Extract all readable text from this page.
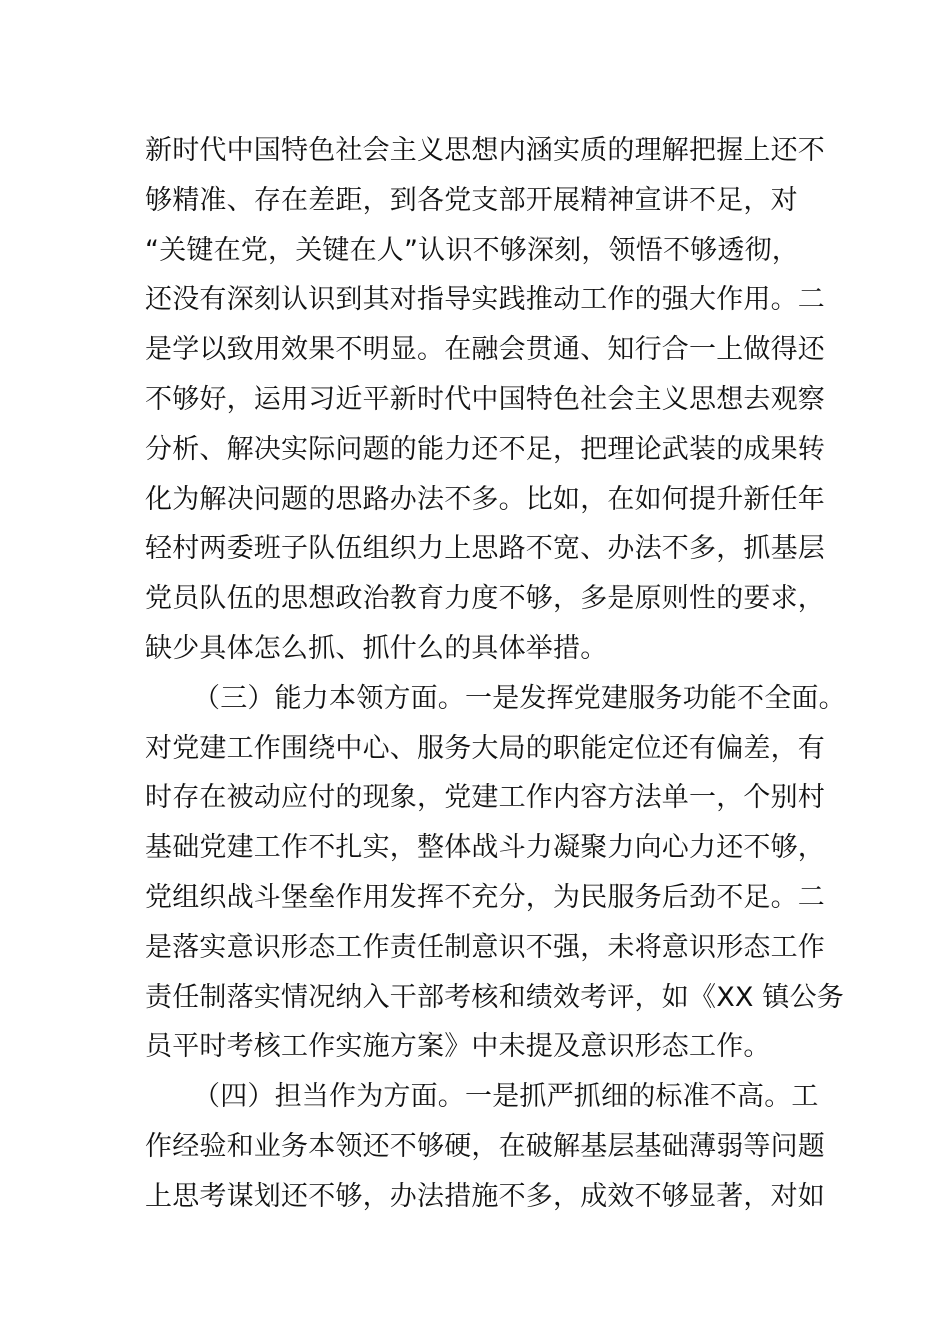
新时代中国特色社会主义思想内涵实质的理解把握上还不
够精准、存在差距，到各党支部开展精神宣讲不足，对
“关键在党，关键在人”认识不够深刻，领悟不够透彻，
还没有深刻认识到其对指导实践推动工作的强大作用。二
是学以致用效果不明显。在融会贯通、知行合一上做得还
不够好，运用习近平新时代中国特色社会主义思想去观察
分析、解决实际问题的能力还不足，把理论武装的成果转
化为解决问题的思路办法不多。比如，在如何提升新任年
轻村两委班子队伍组织力上思路不宽、办法不多，抓基层
党员队伍的思想政治教育力度不够，多是原则性的要求，
缺少具体怎么抓、抓什么的具体举措。
（三）能力本领方面。一是发挥党建服务功能不全面。
对党建工作围绕中心、服务大局的职能定位还有偏差，有
时存在被动应付的现象，党建工作内容方法单一，个别村
基础党建工作不扎实，整体战斗力凝聚力向心力还不够，
党组织战斗堡垒作用发挥不充分，为民服务后劲不足。二
是落实意识形态工作责任制意识不强，未将意识形态工作
责任制落实情况纳入干部考核和绩效考评，如《XX 镇公务
员平时考核工作实施方案》中未提及意识形态工作。
（四）担当作为方面。一是抓严抓细的标准不高。工
作经验和业务本领还不够硬，在破解基层基础薄弱等问题
上思考谋划还不够，办法措施不多，成效不够显著，对如
